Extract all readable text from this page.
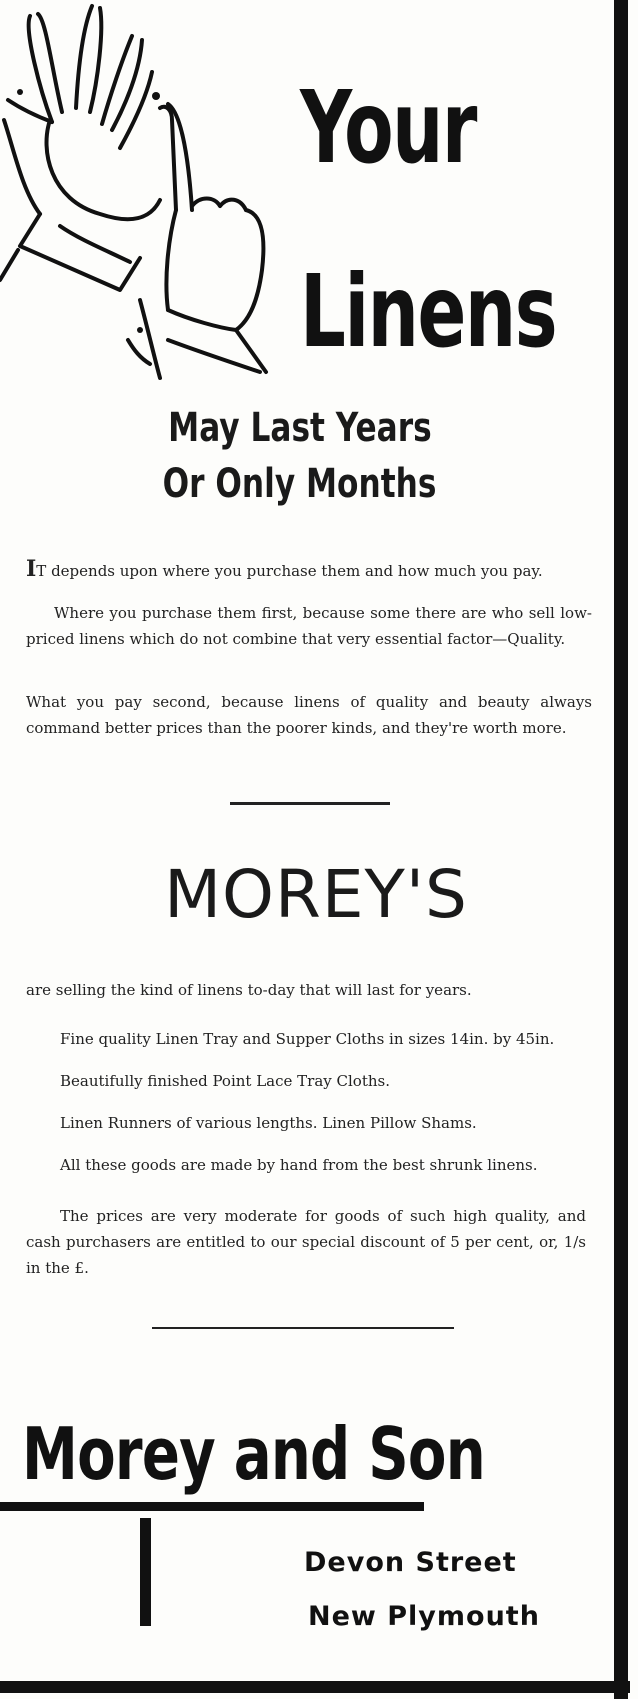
Your
Linens
May Last Years
Or Only Months

IT depends upon where you purchase them and how much you pay.

Where you purchase them first, because some there are who sell low-priced linens which do not combine that very essential factor—Quality.

What you pay second, because linens of quality and beauty always command better prices than the poorer kinds, and they're worth more.

MOREY'S

are selling the kind of linens to-day that will last for years.

Fine quality Linen Tray and Supper Cloths in sizes 14in. by 45in.

Beautifully finished Point Lace Tray Cloths.

Linen Runners of various lengths. Linen Pillow Shams.

All these goods are made by hand from the best shrunk linens.

The prices are very moderate for goods of such high quality, and cash purchasers are entitled to our special discount of 5 per cent, or, 1/s in the £.

Morey and Son

Devon Street

New Plymouth
